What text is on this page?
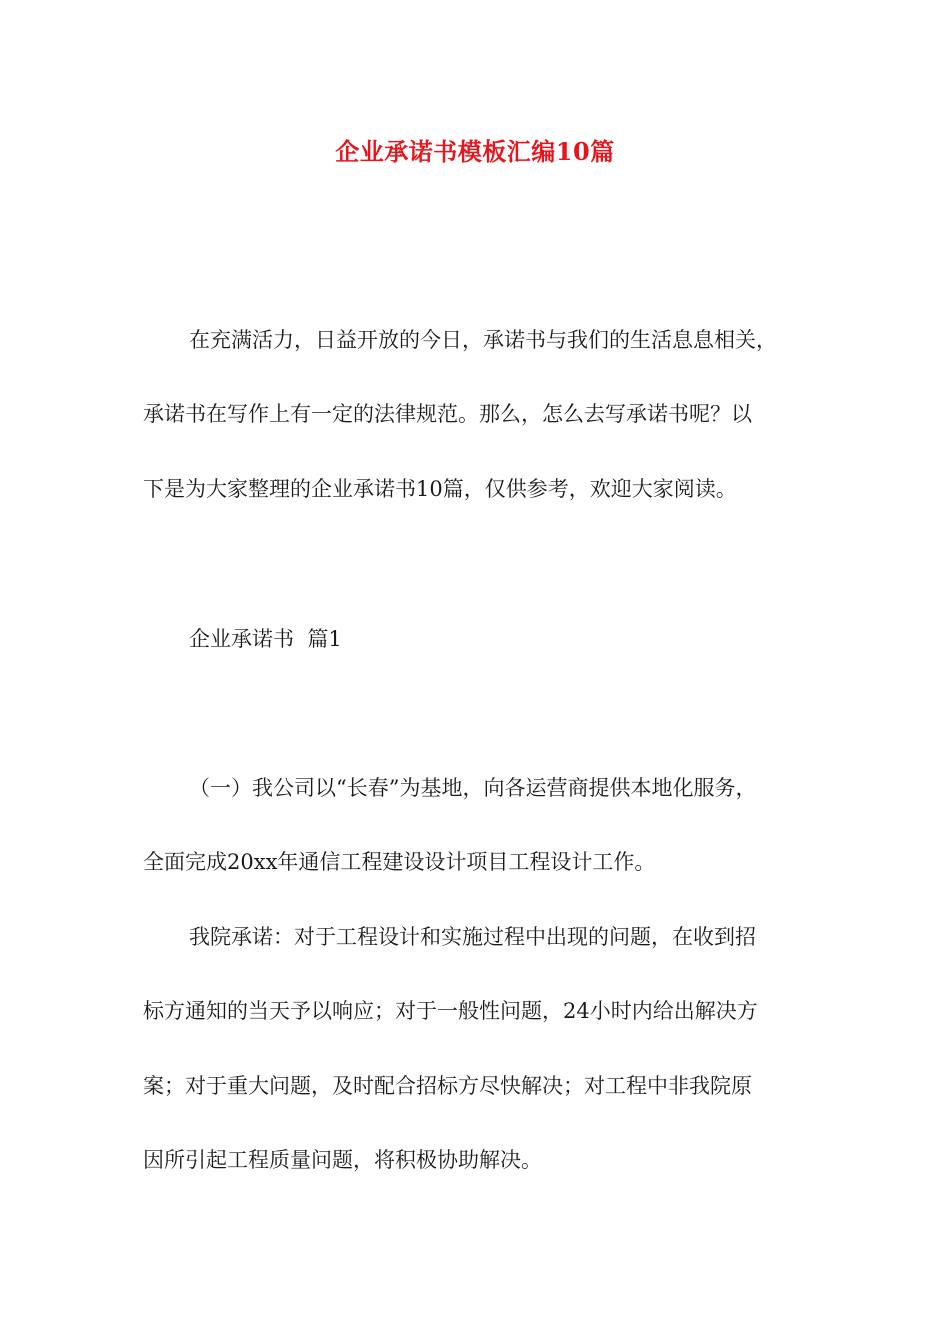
企业承诺书模板汇编10篇
在充满活力，日益开放的今日，承诺书与我们的生活息息相关，
承诺书在写作上有一定的法律规范。那么，怎么去写承诺书呢？以
下是为大家整理的企业承诺书10篇，仅供参考，欢迎大家阅读。
企业承诺书  篇1
（一）我公司以“长春”为基地，向各运营商提供本地化服务，
全面完成20xx年通信工程建设设计项目工程设计工作。
我院承诺：对于工程设计和实施过程中出现的问题，在收到招
标方通知的当天予以响应；对于一般性问题，24小时内给出解决方
案；对于重大问题，及时配合招标方尽快解决；对工程中非我院原
因所引起工程质量问题，将积极协助解决。
